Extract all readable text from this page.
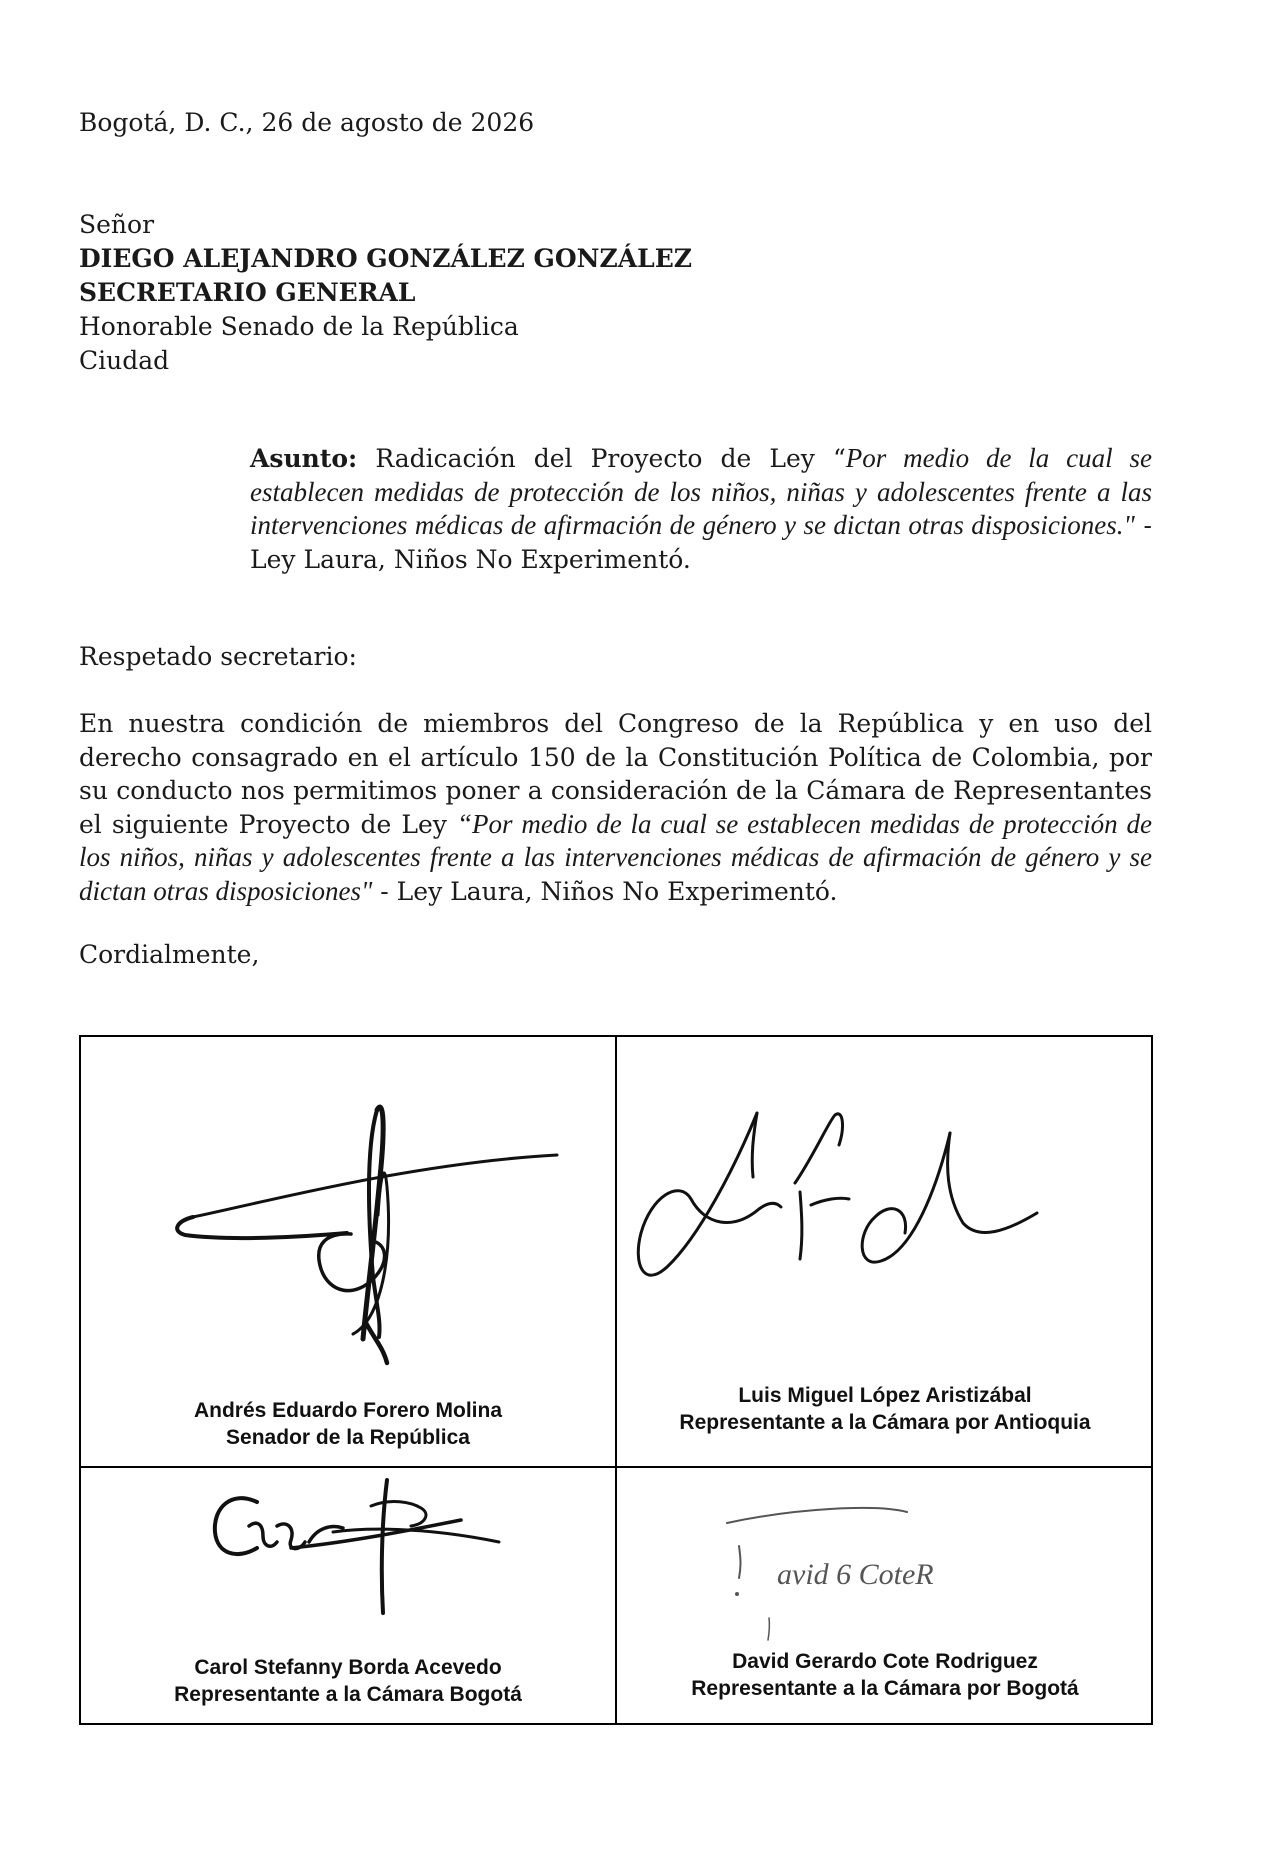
Bogotá, D. C., 26 de agosto de 2026
Señor
DIEGO ALEJANDRO GONZÁLEZ GONZÁLEZ
SECRETARIO GENERAL
Honorable Senado de la República
Ciudad
Asunto: Radicación del Proyecto de Ley “Por medio de la cual se establecen medidas de protección de los niños, niñas y adolescentes frente a las intervenciones médicas de afirmación de género y se dictan otras disposiciones." - Ley Laura, Niños No Experimentó.
Respetado secretario:
En nuestra condición de miembros del Congreso de la República y en uso del derecho consagrado en el artículo 150 de la Constitución Política de Colombia, por su conducto nos permitimos poner a consideración de la Cámara de Representantes el siguiente Proyecto de Ley “Por medio de la cual se establecen medidas de protección de los niños, niñas y adolescentes frente a las intervenciones médicas de afirmación de género y se dictan otras disposiciones" - Ley Laura, Niños No Experimentó.
Cordialmente,
Andrés Eduardo Forero Molina
Senador de la República
Luis Miguel López Aristizábal
Representante a la Cámara por Antioquia
Carol Stefanny Borda Acevedo
Representante a la Cámara Bogotá
avid 6 CoteR
David Gerardo Cote Rodriguez
Representante a la Cámara por Bogotá
